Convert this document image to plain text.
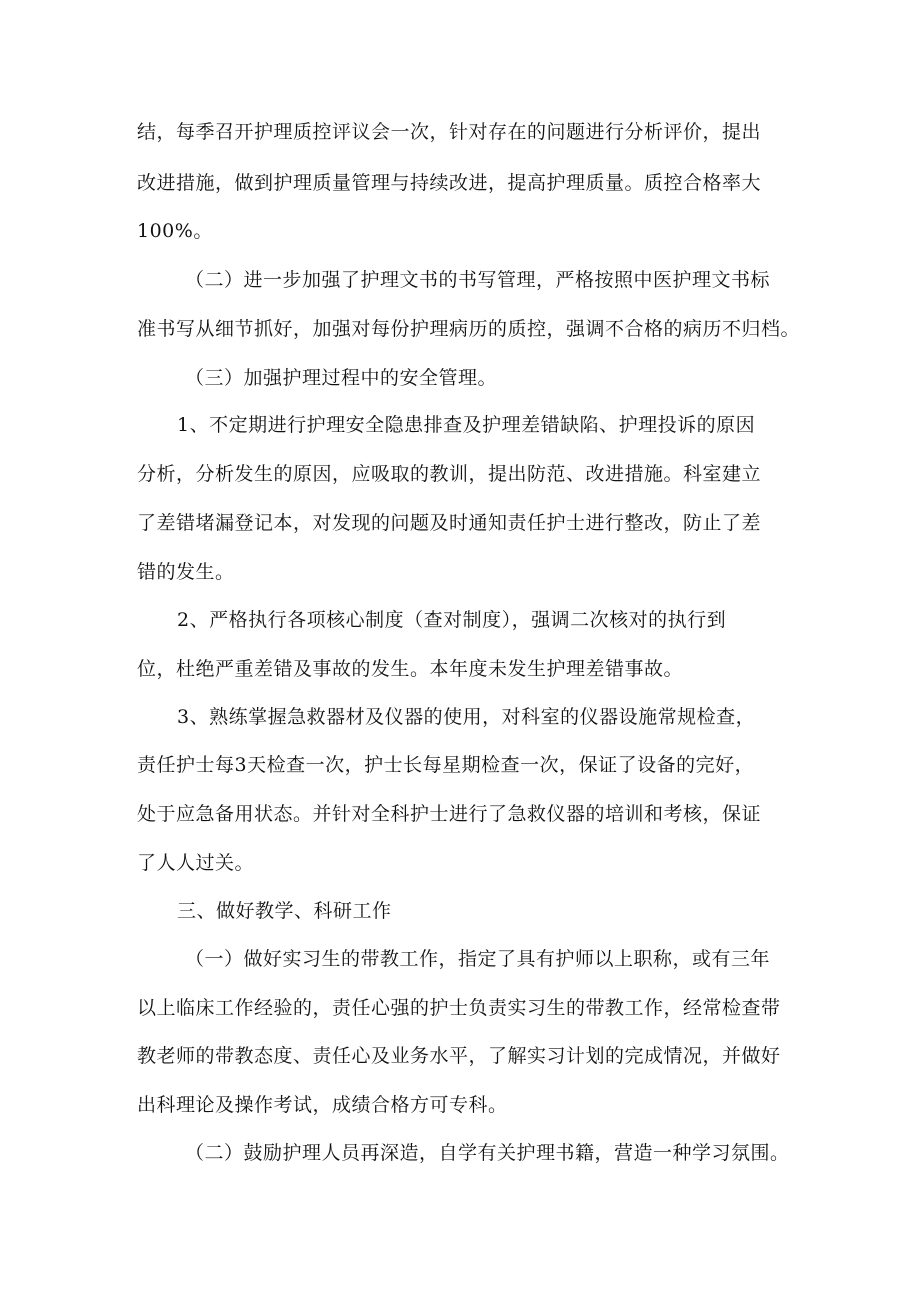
结，每季召开护理质控评议会一次，针对存在的问题进行分析评价，提出
改进措施，做到护理质量管理与持续改进，提高护理质量。质控合格率大
100%。
（二）进一步加强了护理文书的书写管理，严格按照中医护理文书标
准书写从细节抓好，加强对每份护理病历的质控，强调不合格的病历不归档。
（三）加强护理过程中的安全管理。
1、不定期进行护理安全隐患排查及护理差错缺陷、护理投诉的原因
分析，分析发生的原因，应吸取的教训，提出防范、改进措施。科室建立
了差错堵漏登记本，对发现的问题及时通知责任护士进行整改，防止了差
错的发生。
2、严格执行各项核心制度（查对制度），强调二次核对的执行到
位，杜绝严重差错及事故的发生。本年度未发生护理差错事故。
3、熟练掌握急救器材及仪器的使用，对科室的仪器设施常规检查，
责任护士每3天检查一次，护士长每星期检查一次，保证了设备的完好，
处于应急备用状态。并针对全科护士进行了急救仪器的培训和考核，保证
了人人过关。
三、做好教学、科研工作
（一）做好实习生的带教工作，指定了具有护师以上职称，或有三年
以上临床工作经验的，责任心强的护士负责实习生的带教工作，经常检查带
教老师的带教态度、责任心及业务水平，了解实习计划的完成情况，并做好
出科理论及操作考试，成绩合格方可专科。
（二）鼓励护理人员再深造，自学有关护理书籍，营造一种学习氛围。
